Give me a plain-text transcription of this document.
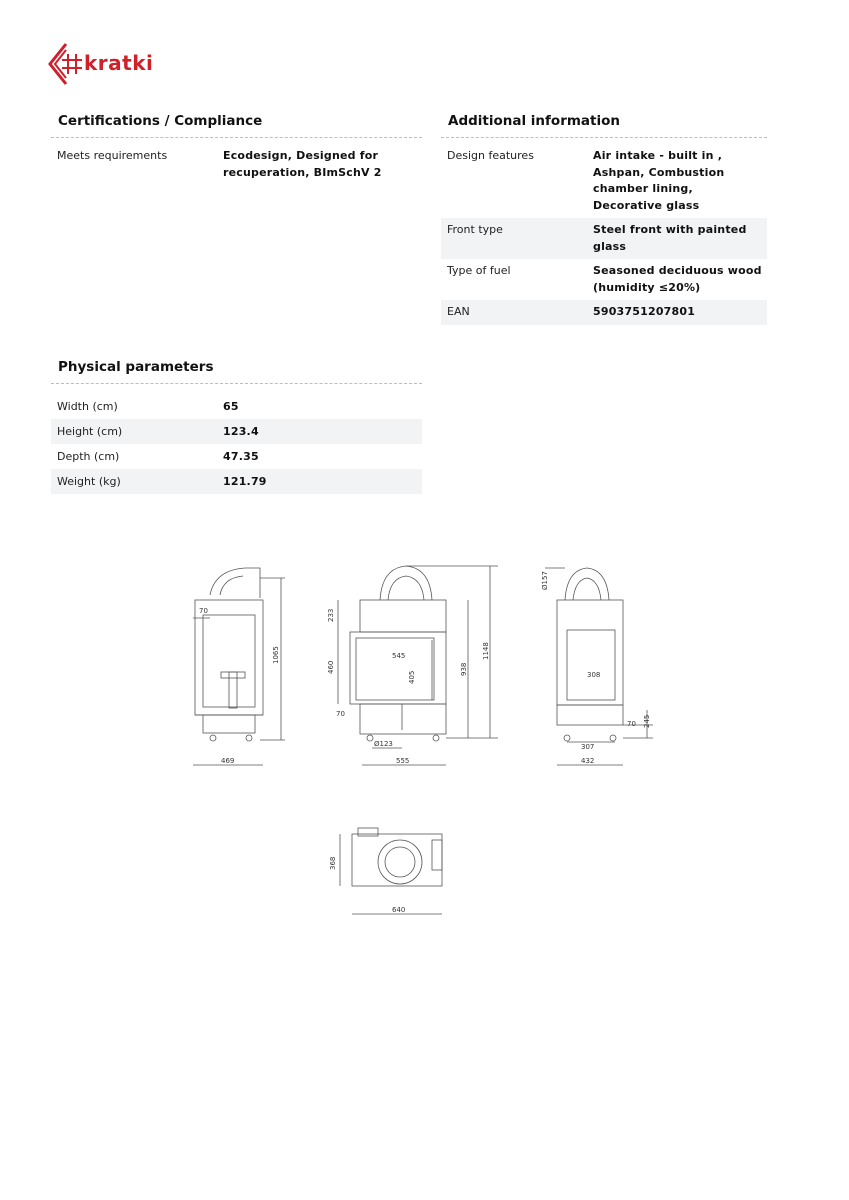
kratki
Certifications / Compliance
Meets requirements	Ecodesign, Designed for recuperation, BImSchV 2
Additional information
Design features	Air intake - built in , Ashpan, Combustion chamber lining, Decorative glass
Front type	Steel front with painted glass
Type of fuel	Seasoned deciduous wood (humidity ≤20%)
EAN	5903751207801
Physical parameters
Width (cm)	65
Height (cm)	123.4
Depth (cm)	47.35
Weight (kg)	121.79
70
1065
469
233
545
460
405
938
1148
70
Ø123
555
Ø157
308
70 245
307
432
368
640
